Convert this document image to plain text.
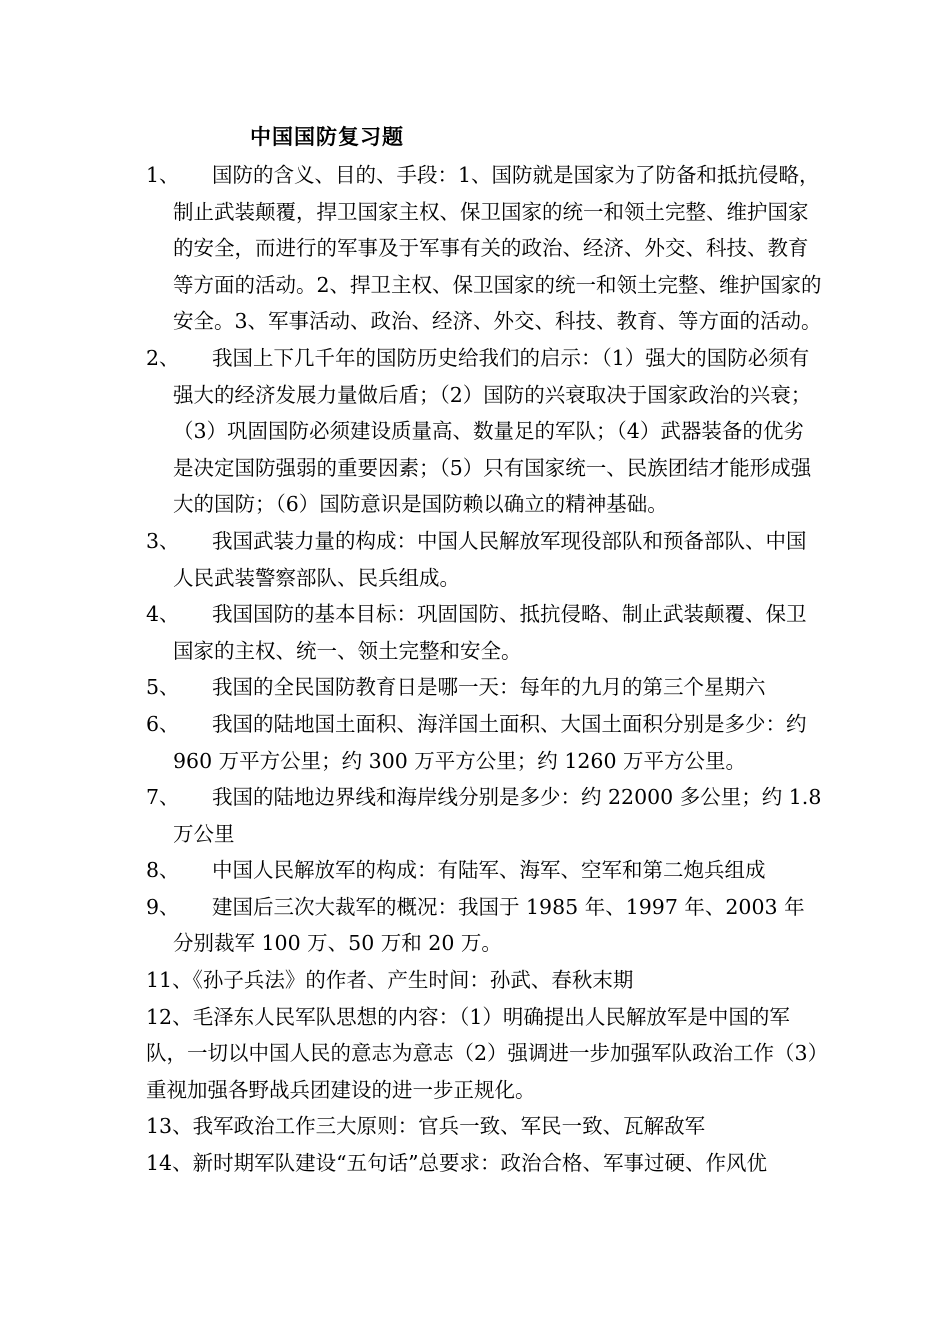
中国国防复习题
1、 国防的含义、目的、手段：1、国防就是国家为了防备和抵抗侵略，制止武装颠覆，捍卫国家主权、保卫国家的统一和领土完整、维护国家的安全，而进行的军事及于军事有关的政治、经济、外交、科技、教育等方面的活动。2、捍卫主权、保卫国家的统一和领土完整、维护国家的安全。3、军事活动、政治、经济、外交、科技、教育、等方面的活动。
2、 我国上下几千年的国防历史给我们的启示：（1）强大的国防必须有强大的经济发展力量做后盾；（2）国防的兴衰取决于国家政治的兴衰；（3）巩固国防必须建设质量高、数量足的军队；（4）武器装备的优劣是决定国防强弱的重要因素；（5）只有国家统一、民族团结才能形成强大的国防；（6）国防意识是国防赖以确立的精神基础。
3、 我国武装力量的构成：中国人民解放军现役部队和预备部队、中国人民武装警察部队、民兵组成。
4、 我国国防的基本目标：巩固国防、抵抗侵略、制止武装颠覆、保卫国家的主权、统一、领土完整和安全。
5、 我国的全民国防教育日是哪一天：每年的九月的第三个星期六
6、 我国的陆地国土面积、海洋国土面积、大国土面积分别是多少：约 960 万平方公里；约 300 万平方公里；约 1260 万平方公里。
7、 我国的陆地边界线和海岸线分别是多少：约 22000 多公里；约 1.8 万公里
8、 中国人民解放军的构成：有陆军、海军、空军和第二炮兵组成
9、 建国后三次大裁军的概况：我国于 1985 年、1997 年、2003 年分别裁军 100 万、50 万和 20 万。
11、《孙子兵法》的作者、产生时间：孙武、春秋末期
12、毛泽东人民军队思想的内容：（1）明确提出人民解放军是中国的军队，一切以中国人民的意志为意志（2）强调进一步加强军队政治工作（3）重视加强各野战兵团建设的进一步正规化。
13、我军政治工作三大原则：官兵一致、军民一致、瓦解敌军
14、新时期军队建设“五句话”总要求：政治合格、军事过硬、作风优
